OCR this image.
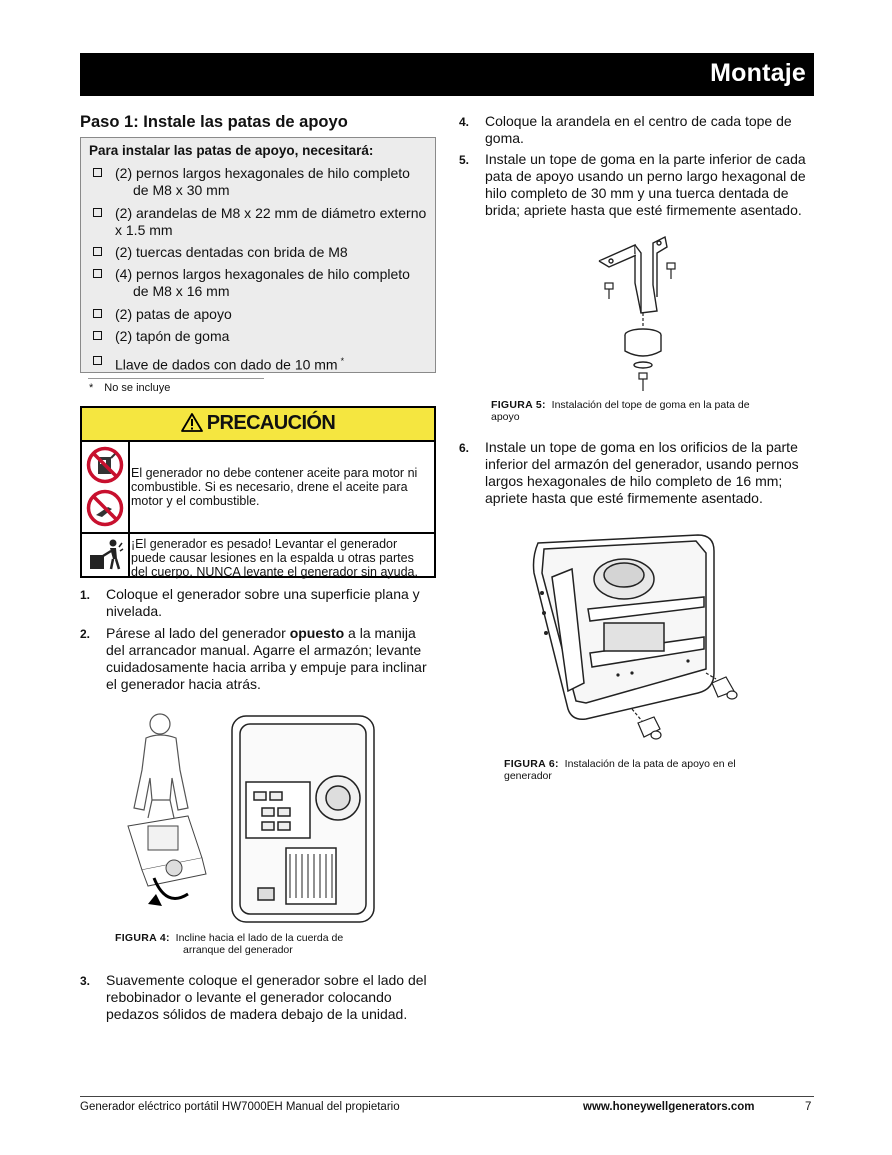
Montaje
Paso 1: Instale las patas de apoyo
Para instalar las patas de apoyo, necesitará:
(2) pernos largos hexagonales de hilo completo
de M8 x 30 mm
(2) arandelas de M8 x 22 mm de diámetro externo
x 1.5 mm
(2) tuercas dentadas con brida de M8
(4) pernos largos hexagonales de hilo completo
de M8 x 16 mm
(2) patas de apoyo
(2) tapón de goma
Llave de dados con dado de 10 mm *
* No se incluye
PRECAUCIÓN
El generador no debe contener aceite para motor ni combustible. Si es necesario, drene el aceite para motor y el combustible.
¡El generador es pesado! Levantar el generador puede causar lesiones en la espalda u otras partes del cuerpo. NUNCA levante el generador sin ayuda.
1. Coloque el generador sobre una superficie plana y nivelada.
2. Párese al lado del generador opuesto a la manija del arrancador manual. Agarre el armazón; levante cuidadosamente hacia arriba y empuje para inclinar el generador hacia atrás.
FIGURA 4: Incline hacia el lado de la cuerda de
arranque del generador
3. Suavemente coloque el generador sobre el lado del rebobinador o levante el generador colocando pedazos sólidos de madera debajo de la unidad.
4. Coloque la arandela en el centro de cada tope de goma.
5. Instale un tope de goma en la parte inferior de cada pata de apoyo usando un perno largo hexagonal de hilo completo de 30 mm y una tuerca dentada de brida; apriete hasta que esté firmemente asentado.
FIGURA 5: Instalación del tope de goma en la pata de
apoyo
6. Instale un tope de goma en los orificios de la parte inferior del armazón del generador, usando pernos largos hexagonales de hilo completo de 16 mm; apriete hasta que esté firmemente asentado.
FIGURA 6: Instalación de la pata de apoyo en el
generador
Generador eléctrico portátil HW7000EH Manual del propietario	www.honeywellgenerators.com	7
